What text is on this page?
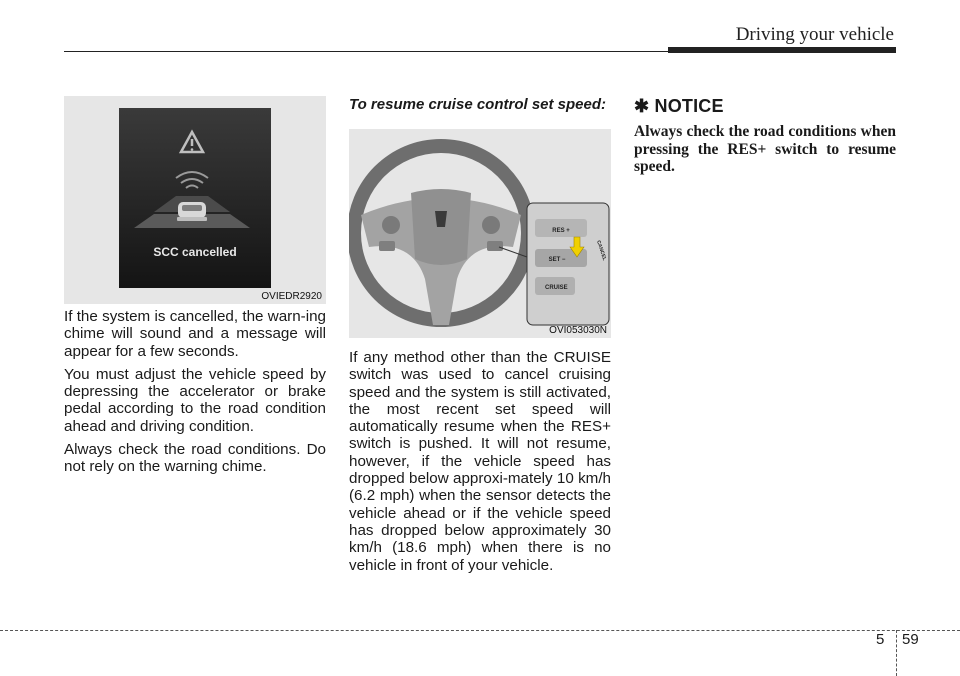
Driving your vehicle
SCC cancelled
OVIEDR2920

If the system is cancelled, the warn-ing chime will sound and a message will appear for a few seconds.

You must adjust the vehicle speed by depressing the accelerator or brake pedal according to the road condition ahead and driving condition.

Always check the road conditions. Do not rely on the warning chime.

To resume cruise control set speed:

RES +
SET −
CRUISE
CANCEL
OVI053030N

If any method other than the CRUISE switch was used to cancel cruising speed and the system is still activated, the most recent set speed will automatically resume when the RES+ switch is pushed. It will not resume, however, if the vehicle speed has dropped below approxi-mately 10 km/h (6.2 mph) when the sensor detects the vehicle ahead or if the vehicle speed has dropped below approximately 30 km/h (18.6 mph) when there is no vehicle in front of your vehicle.

✱ NOTICE

Always check the road conditions when pressing the RES+ switch to resume speed.

5 59
